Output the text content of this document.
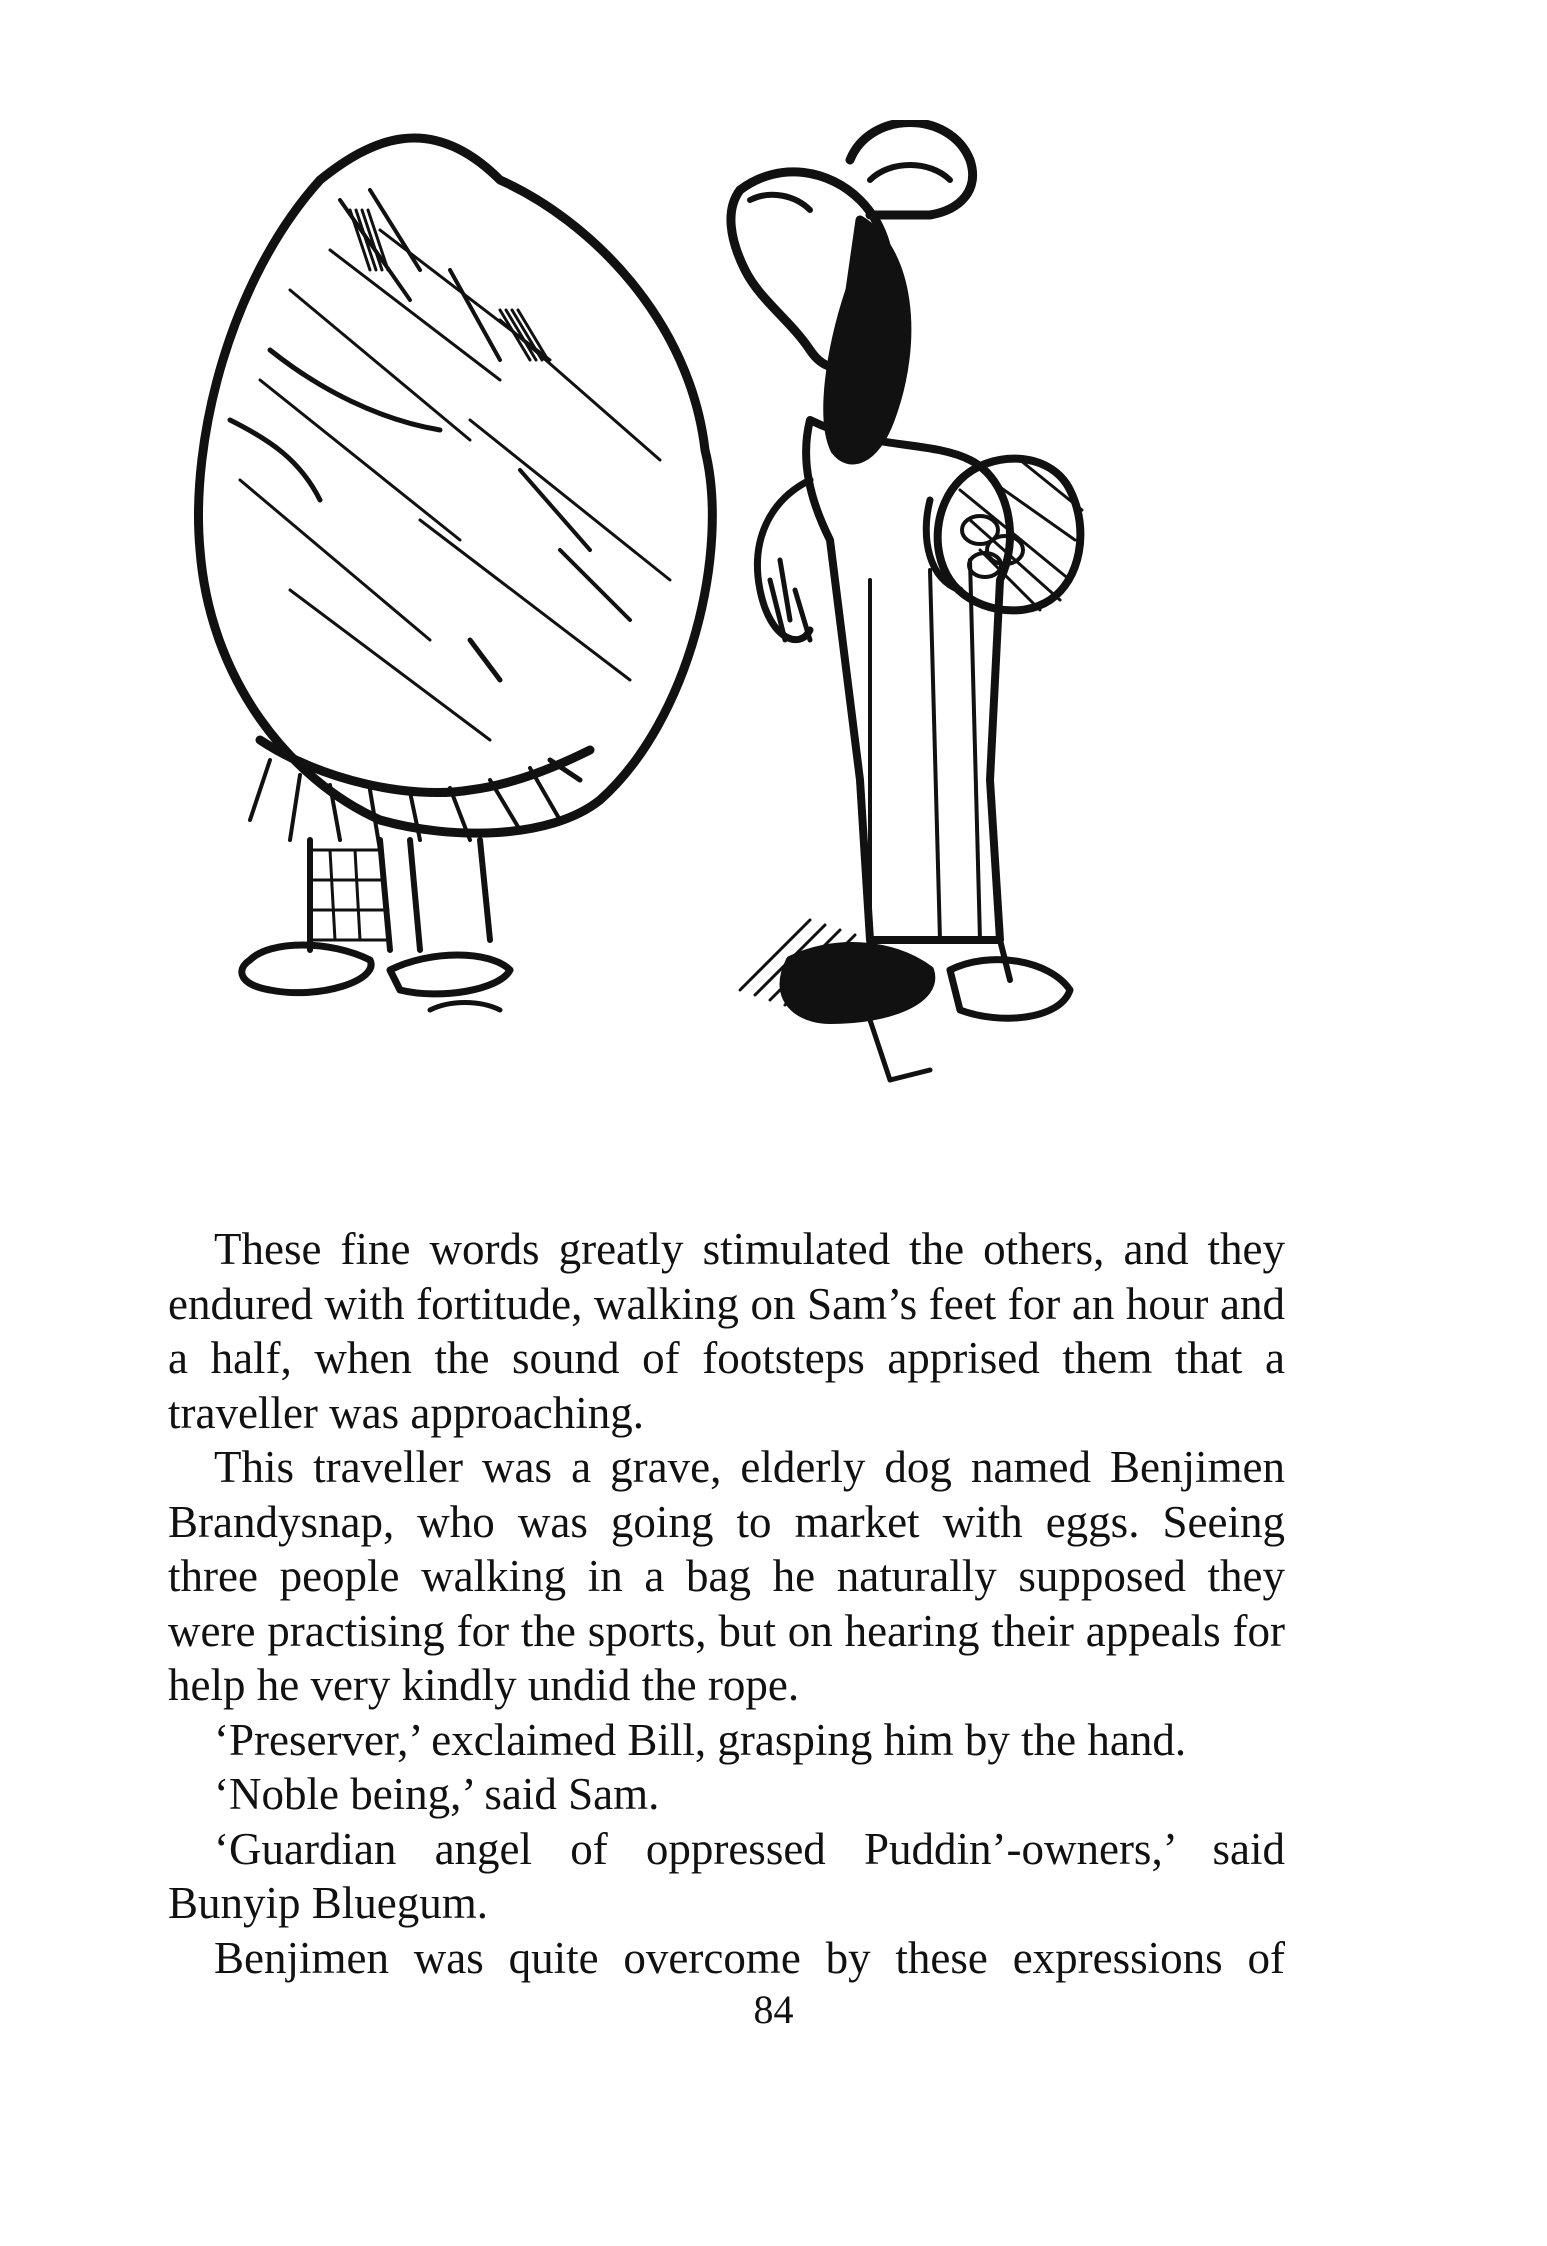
These fine words greatly stimulated the others, and they endured with fortitude, walking on Sam’s feet for an hour and a half, when the sound of footsteps apprised them that a traveller was approaching.

This traveller was a grave, elderly dog named Benjimen Brandysnap, who was going to market with eggs. Seeing three people walking in a bag he naturally supposed they were practising for the sports, but on hearing their appeals for help he very kindly undid the rope.

‘Preserver,’ exclaimed Bill, grasping him by the hand.

‘Noble being,’ said Sam.

‘Guardian angel of oppressed Puddin’-owners,’ said Bunyip Bluegum.

Benjimen was quite overcome by these expressions of

84
